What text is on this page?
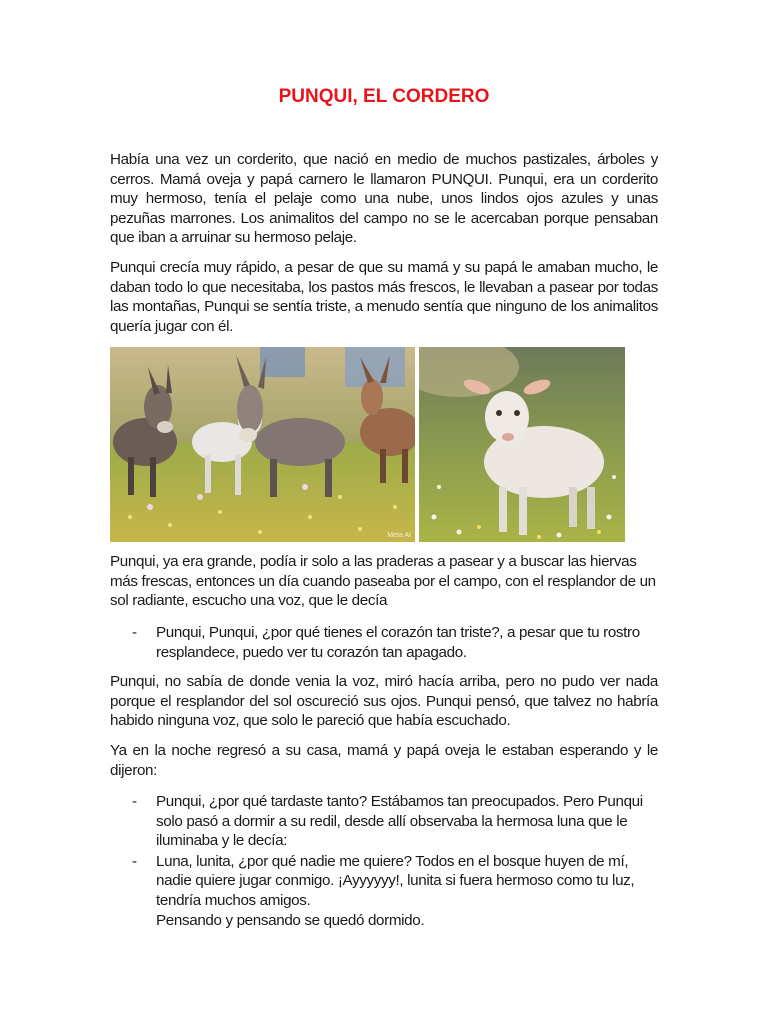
PUNQUI, EL CORDERO
Había una vez un corderito, que nació en medio de muchos pastizales, árboles y cerros. Mamá oveja y papá carnero le llamaron PUNQUI. Punqui, era un corderito muy hermoso, tenía el pelaje como una nube, unos lindos ojos azules y unas pezuñas marrones. Los animalitos del campo no se le acercaban porque pensaban que iban a arruinar su hermoso pelaje.
Punqui crecía muy rápido, a pesar de que su mamá y su papá le amaban mucho, le daban todo lo que necesitaba, los pastos más frescos, le llevaban a pasear por todas las montañas, Punqui se sentía triste, a menudo sentía que ninguno de los animalitos quería jugar con él.
Meta AI
Punqui, ya era grande, podía ir solo a las praderas a pasear y a buscar las hiervas más frescas, entonces un día cuando paseaba por el campo, con el resplandor de un sol radiante, escucho una voz, que le decía
- Punqui, Punqui, ¿por qué tienes el corazón tan triste?, a pesar que tu rostro resplandece, puedo ver tu corazón tan apagado.
Punqui, no sabía de donde venia la voz, miró hacía arriba, pero no pudo ver nada porque el resplandor del sol oscureció sus ojos. Punqui pensó, que talvez no habría habido ninguna voz, que solo le pareció que había escuchado.
Ya en la noche regresó a su casa, mamá y papá oveja le estaban esperando y le dijeron:
- Punqui, ¿por qué tardaste tanto? Estábamos tan preocupados. Pero Punqui solo pasó a dormir a su redil, desde allí observaba la hermosa luna que le iluminaba y le decía:
- Luna, lunita, ¿por qué nadie me quiere? Todos en el bosque huyen de mí, nadie quiere jugar conmigo. ¡Ayyyyyy!, lunita si fuera hermoso como tu luz, tendría muchos amigos.
Pensando y pensando se quedó dormido.
